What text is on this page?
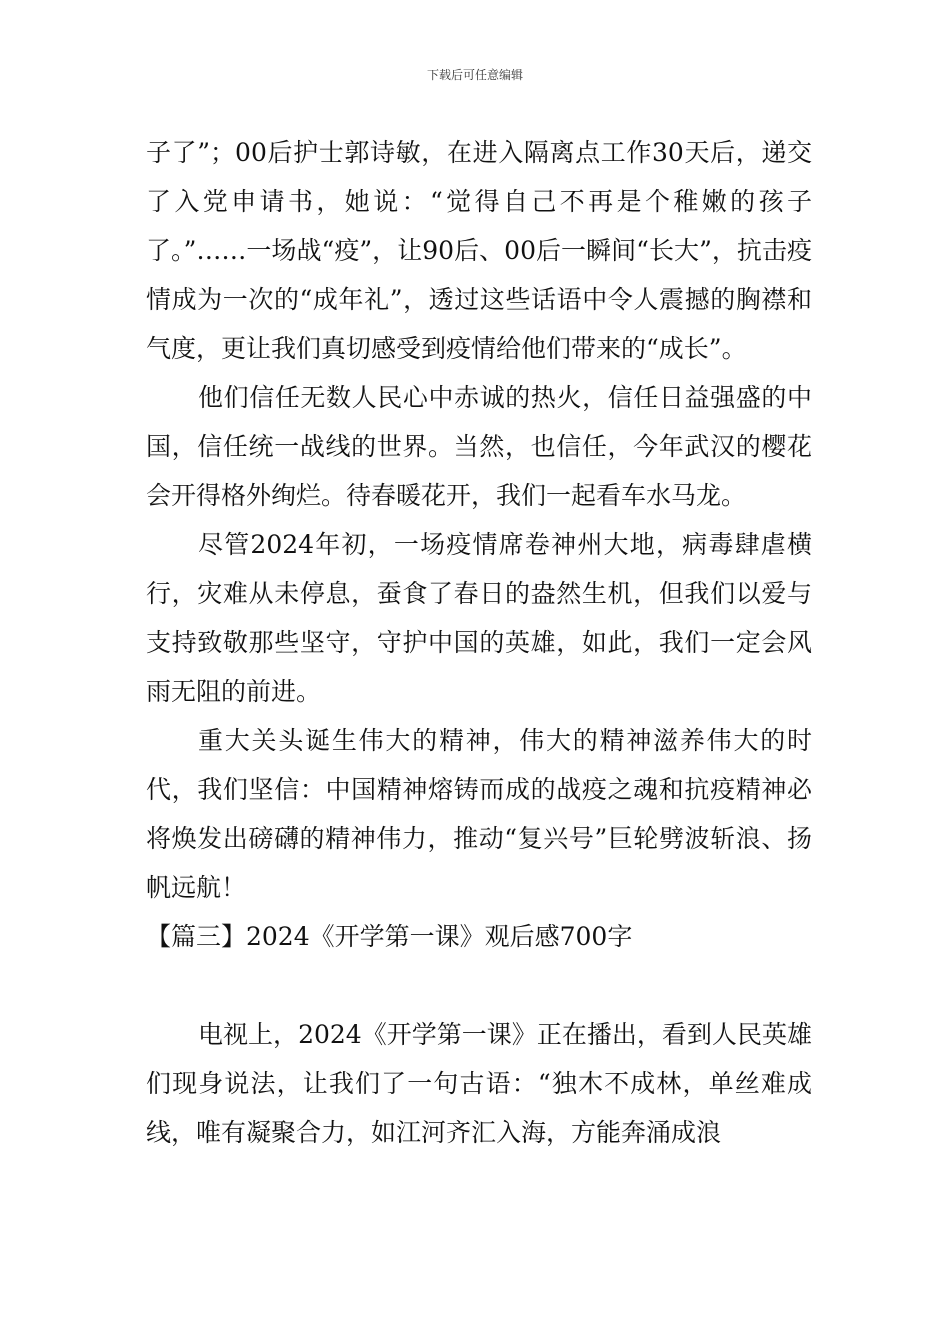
下载后可任意编辑

子了”；00后护士郭诗敏，在进入隔离点工作30天后，递交了入党申请书，她说：“觉得自己不再是个稚嫩的孩子了。”……一场战“疫”，让90后、00后一瞬间“长大”，抗击疫情成为一次的“成年礼”，透过这些话语中令人震撼的胸襟和气度，更让我们真切感受到疫情给他们带来的“成长”。

他们信任无数人民心中赤诚的热火，信任日益强盛的中国，信任统一战线的世界。当然，也信任，今年武汉的樱花会开得格外绚烂。待春暖花开，我们一起看车水马龙。

尽管2024年初，一场疫情席卷神州大地，病毒肆虐横行，灾难从未停息，蚕食了春日的盎然生机，但我们以爱与支持致敬那些坚守，守护中国的英雄，如此，我们一定会风雨无阻的前进。

重大关头诞生伟大的精神，伟大的精神滋养伟大的时代，我们坚信：中国精神熔铸而成的战疫之魂和抗疫精神必将焕发出磅礴的精神伟力，推动“复兴号”巨轮劈波斩浪、扬帆远航！

【篇三】2024《开学第一课》观后感700字

电视上，2024《开学第一课》正在播出，看到人民英雄们现身说法，让我们了一句古语：“独木不成林，单丝难成线，唯有凝聚合力，如江河齐汇入海，方能奔涌成浪
